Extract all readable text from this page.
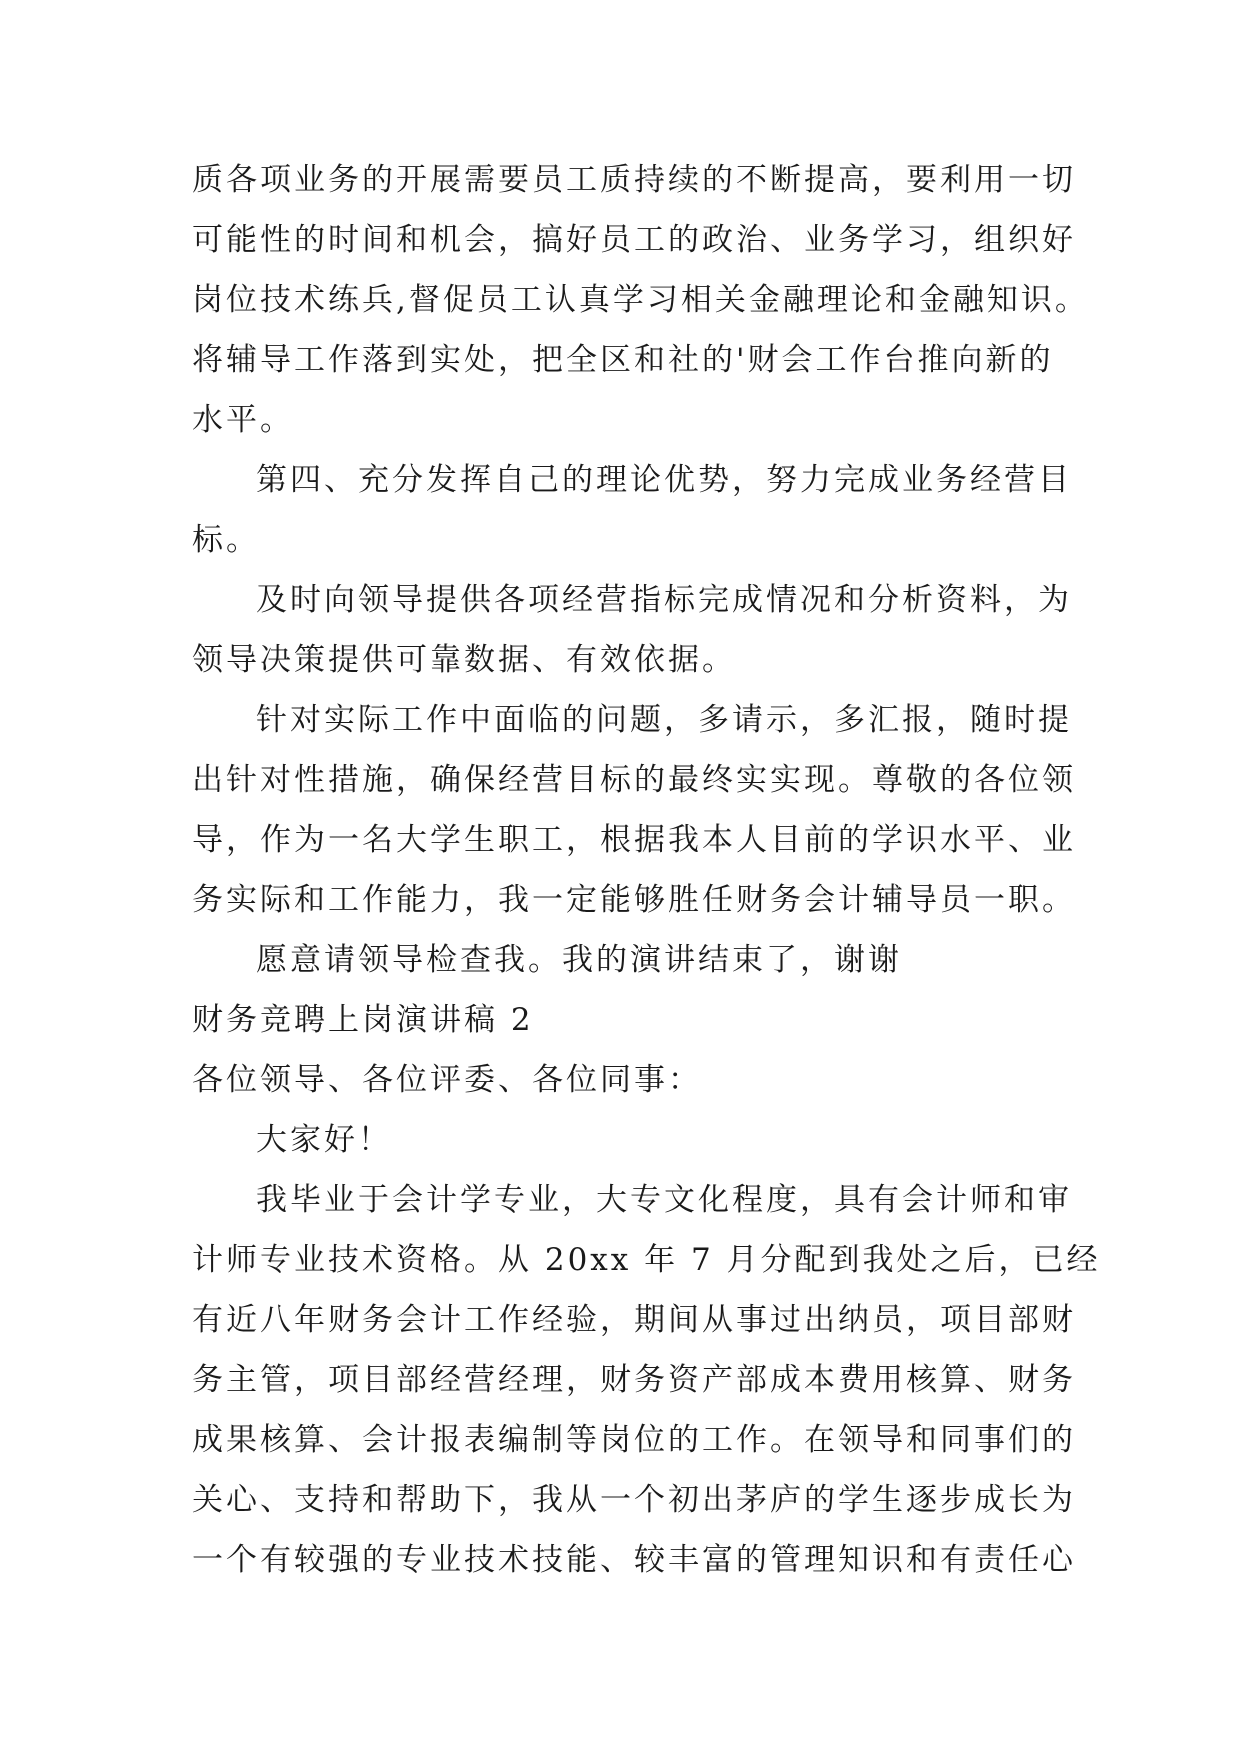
质各项业务的开展需要员工质持续的不断提高，要利用一切
可能性的时间和机会，搞好员工的政治、业务学习，组织好
岗位技术练兵,督促员工认真学习相关金融理论和金融知识。
将辅导工作落到实处，把全区和社的'财会工作台推向新的
水平。
第四、充分发挥自己的理论优势，努力完成业务经营目
标。
及时向领导提供各项经营指标完成情况和分析资料，为
领导决策提供可靠数据、有效依据。
针对实际工作中面临的问题，多请示，多汇报，随时提
出针对性措施，确保经营目标的最终实实现。尊敬的各位领
导，作为一名大学生职工，根据我本人目前的学识水平、业
务实际和工作能力，我一定能够胜任财务会计辅导员一职。
愿意请领导检查我。我的演讲结束了，谢谢
财务竞聘上岗演讲稿 2
各位领导、各位评委、各位同事：
大家好！
我毕业于会计学专业，大专文化程度，具有会计师和审
计师专业技术资格。从 20xx 年 7 月分配到我处之后，已经
有近八年财务会计工作经验，期间从事过出纳员，项目部财
务主管，项目部经营经理，财务资产部成本费用核算、财务
成果核算、会计报表编制等岗位的工作。在领导和同事们的
关心、支持和帮助下，我从一个初出茅庐的学生逐步成长为
一个有较强的专业技术技能、较丰富的管理知识和有责任心
